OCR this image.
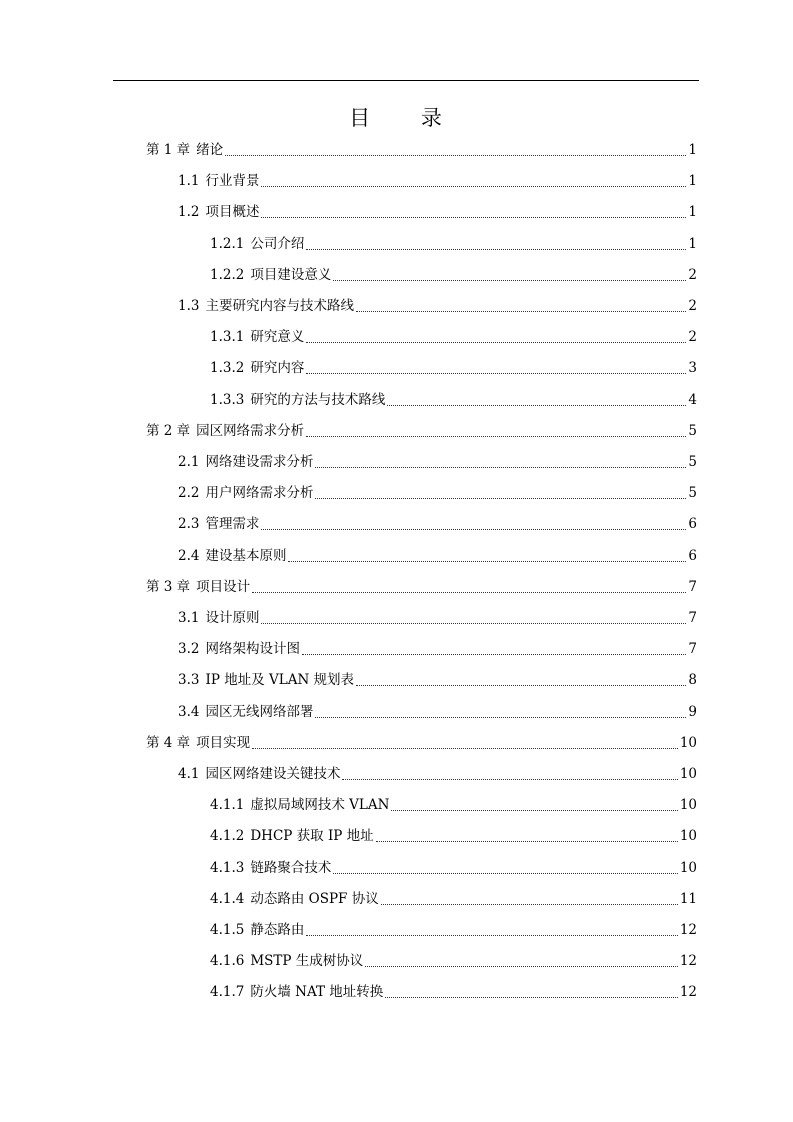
目 录
第 1 章 绪论	1
1.1 行业背景	1
1.2 项目概述	1
1.2.1 公司介绍	1
1.2.2 项目建设意义	2
1.3 主要研究内容与技术路线	2
1.3.1 研究意义	2
1.3.2 研究内容	3
1.3.3 研究的方法与技术路线	4
第 2 章 园区网络需求分析	5
2.1 网络建设需求分析	5
2.2 用户网络需求分析	5
2.3 管理需求	6
2.4 建设基本原则	6
第 3 章 项目设计	7
3.1 设计原则	7
3.2 网络架构设计图	7
3.3 IP 地址及 VLAN 规划表	8
3.4 园区无线网络部署	9
第 4 章 项目实现	10
4.1 园区网络建设关键技术	10
4.1.1 虚拟局域网技术 VLAN	10
4.1.2 DHCP 获取 IP 地址	10
4.1.3 链路聚合技术	10
4.1.4 动态路由 OSPF 协议	11
4.1.5 静态路由	12
4.1.6 MSTP 生成树协议	12
4.1.7 防火墙 NAT 地址转换	12
